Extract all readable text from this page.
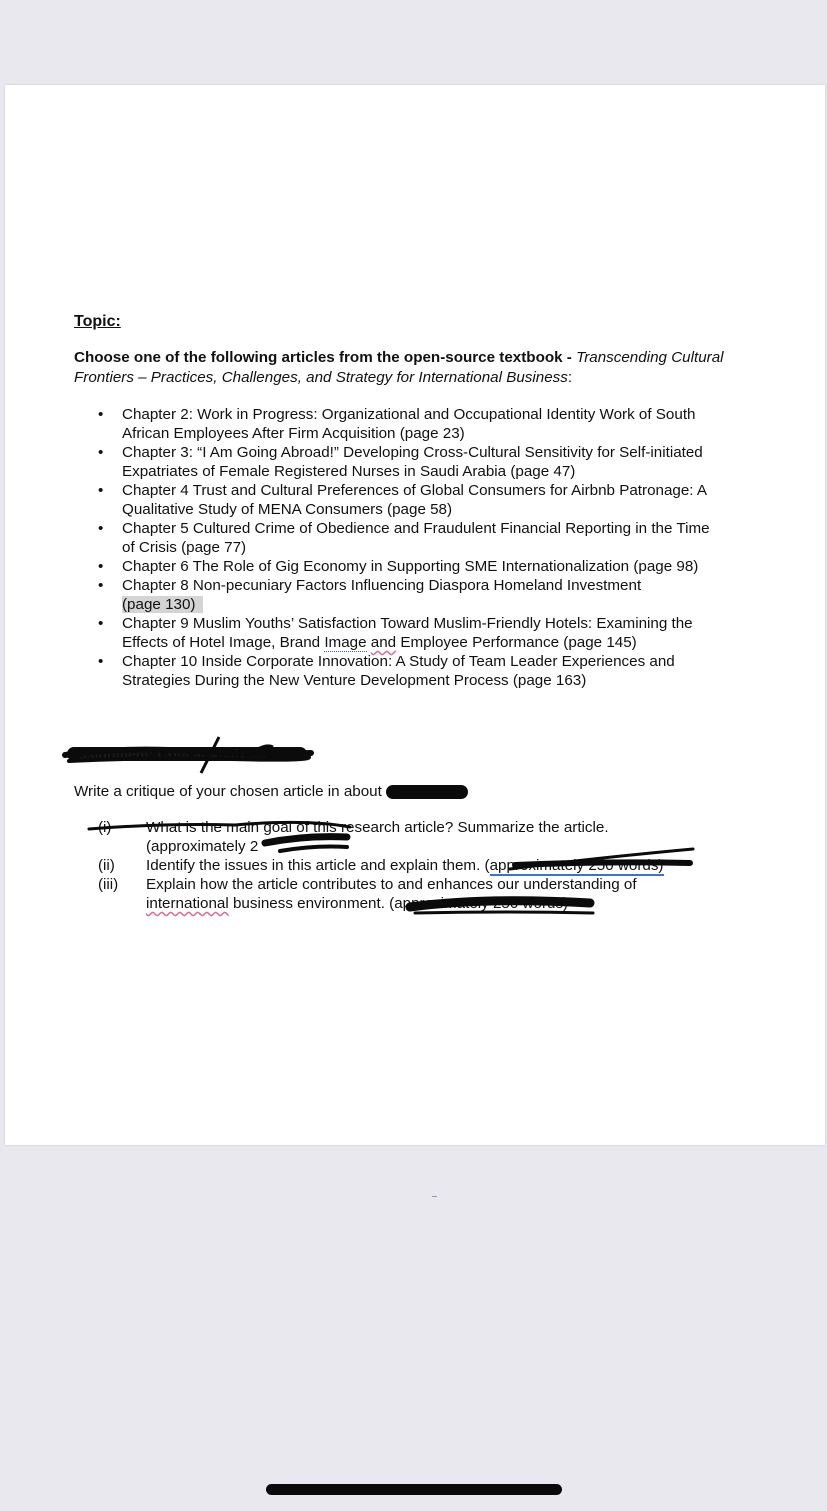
Topic:
Choose one of the following articles from the open-source textbook - Transcending Cultural Frontiers – Practices, Challenges, and Strategy for International Business:
• Chapter 2: Work in Progress: Organizational and Occupational Identity Work of South African Employees After Firm Acquisition (page 23)
• Chapter 3: “I Am Going Abroad!” Developing Cross-Cultural Sensitivity for Self-initiated Expatriates of Female Registered Nurses in Saudi Arabia (page 47)
• Chapter 4 Trust and Cultural Preferences of Global Consumers for Airbnb Patronage: A Qualitative Study of MENA Consumers (page 58)
• Chapter 5 Cultured Crime of Obedience and Fraudulent Financial Reporting in the Time of Crisis (page 77)
• Chapter 6 The Role of Gig Economy in Supporting SME Internationalization (page 98)
• Chapter 8 Non-pecuniary Factors Influencing Diaspora Homeland Investment
(page 130)
• Chapter 9 Muslim Youths’ Satisfaction Toward Muslim-Friendly Hotels: Examining the Effects of Hotel Image, Brand Image and Employee Performance (page 145)
• Chapter 10 Inside Corporate Innovation: A Study of Team Leader Experiences and Strategies During the New Venture Development Process (page 163)
ssignment: Critical Analysis
Write a critique of your chosen article in about
(i) What is the main goal of this research article? Summarize the article.
(approximately 2
(ii) Identify the issues in this article and explain them. (approximately 250 words)
(iii) Explain how the article contributes to and enhances our understanding of international business environment. (approximately 250 words)
